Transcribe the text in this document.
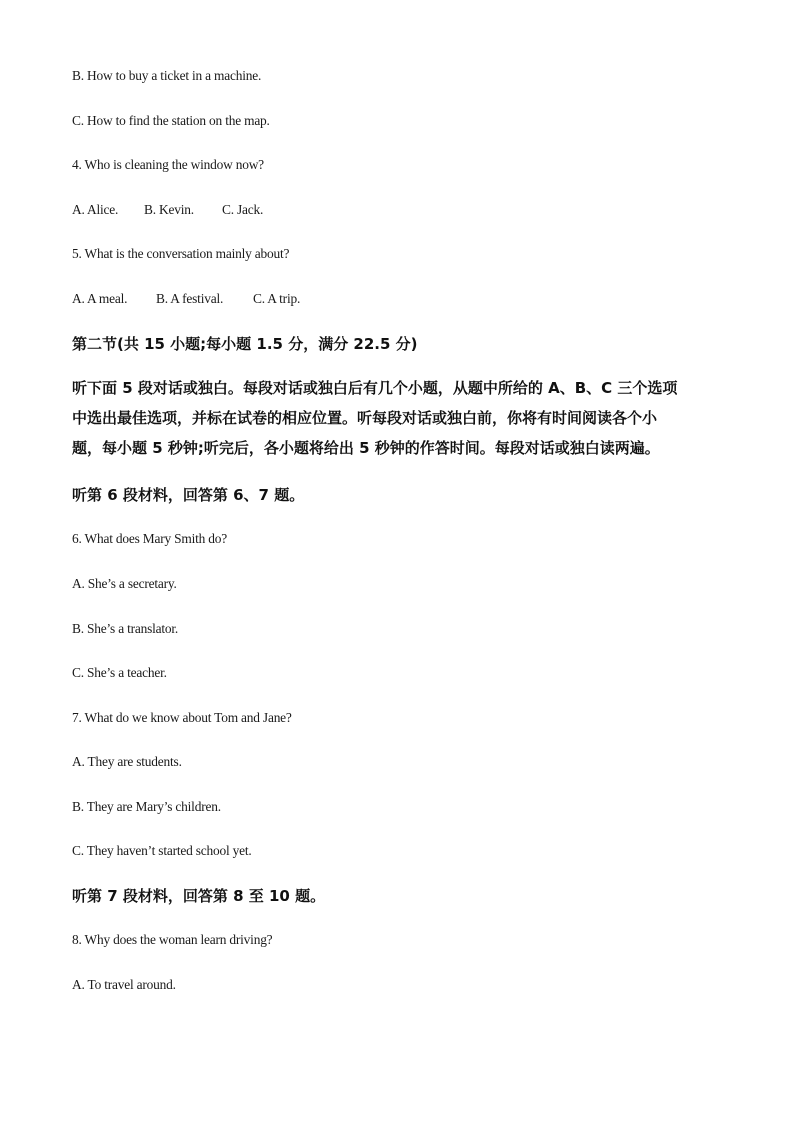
B. How to buy a ticket in a machine.
C. How to find the station on the map.
4. Who is cleaning the window now?
A. Alice. B. Kevin. C. Jack.
5. What is the conversation mainly about?
A. A meal. B. A festival. C. A trip.
第二节(共 15 小题;每小题 1.5 分，满分 22.5 分)
听下面 5 段对话或独白。每段对话或独白后有几个小题，从题中所给的 A、B、C 三个选项
中选出最佳选项，并标在试卷的相应位置。听每段对话或独白前，你将有时间阅读各个小
题，每小题 5 秒钟;听完后，各小题将给出 5 秒钟的作答时间。每段对话或独白读两遍。
听第 6 段材料，回答第 6、7 题。
6. What does Mary Smith do?
A. She’s a secretary.
B. She’s a translator.
C. She’s a teacher.
7. What do we know about Tom and Jane?
A. They are students.
B. They are Mary’s children.
C. They haven’t started school yet.
听第 7 段材料，回答第 8 至 10 题。
8. Why does the woman learn driving?
A. To travel around.
